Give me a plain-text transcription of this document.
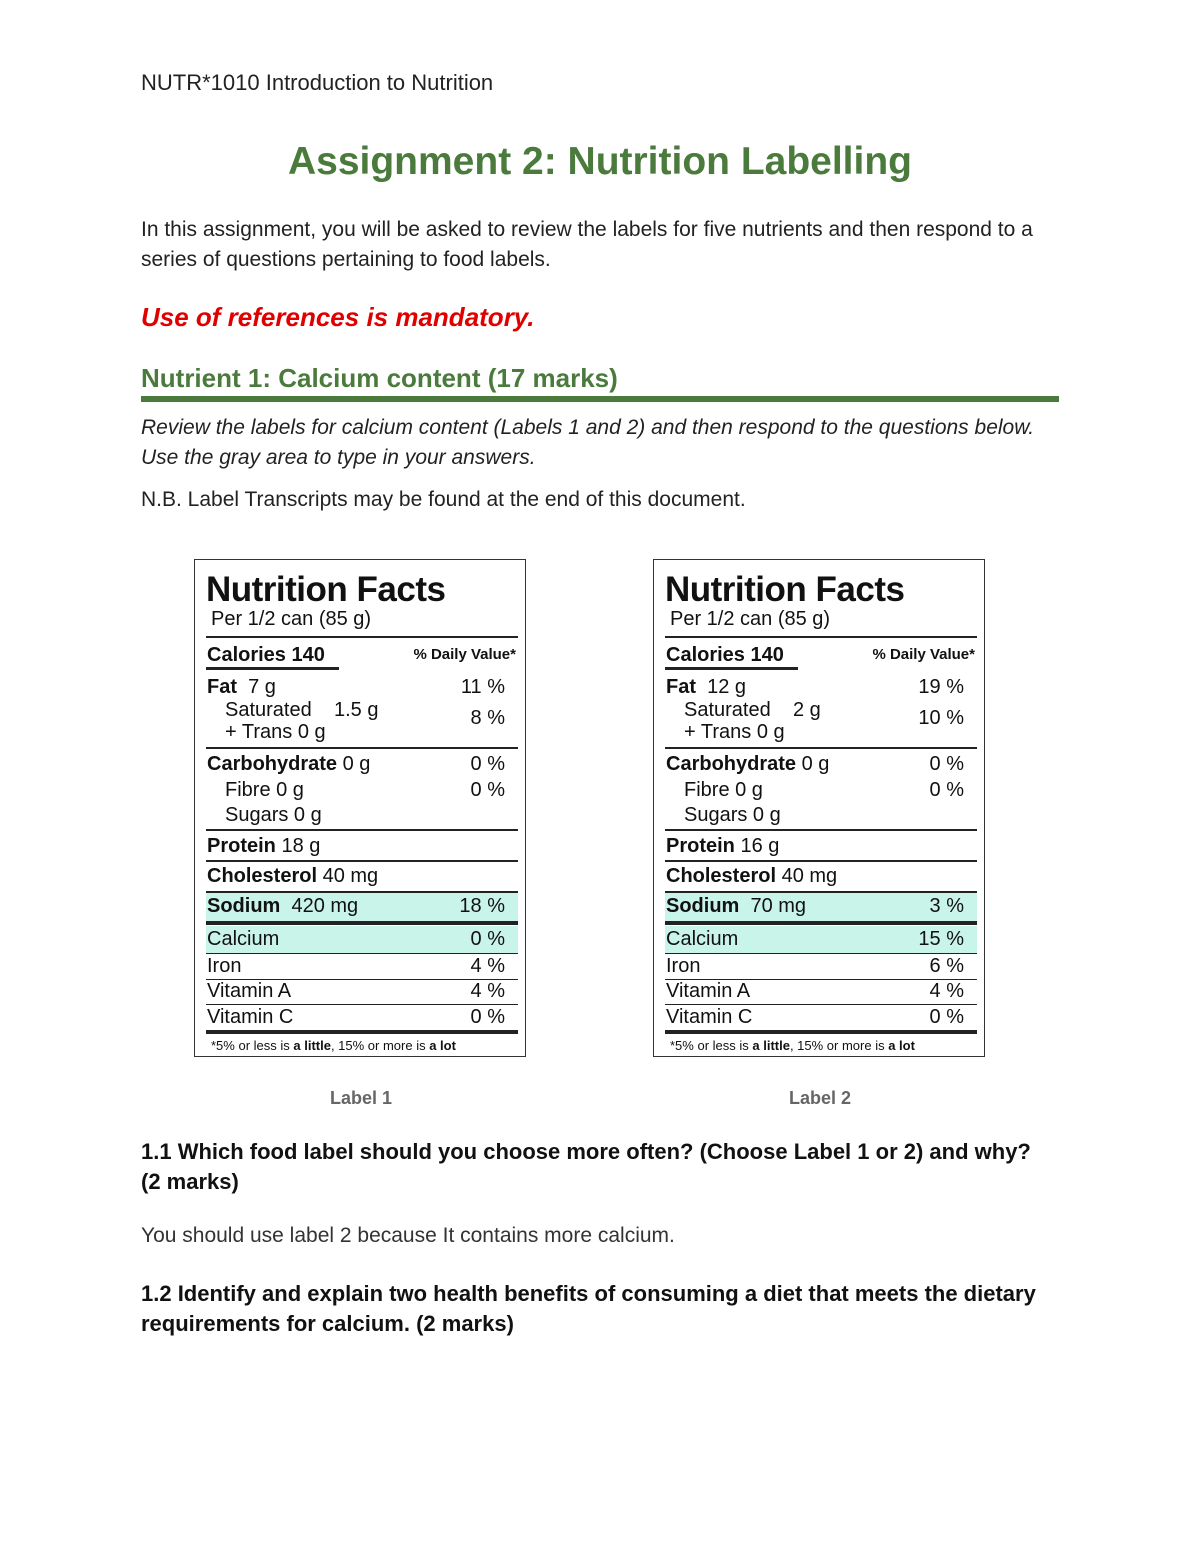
NUTR*1010 Introduction to Nutrition
Assignment 2: Nutrition Labelling
In this assignment, you will be asked to review the labels for five nutrients and then respond to a series of questions pertaining to food labels.
Use of references is mandatory.
Nutrient 1: Calcium content (17 marks)
Review the labels for calcium content (Labels 1 and 2) and then respond to the questions below. Use the gray area to type in your answers.
N.B. Label Transcripts may be found at the end of this document.
Nutrition Facts
Per 1/2 can (85 g)
Calories 140	% Daily Value*
Fat 7 g	11 %
Saturated 1.5 g	8 %
+ Trans 0 g
Carbohydrate 0 g	0 %
Fibre 0 g	0 %
Sugars 0 g
Protein 18 g
Cholesterol 40 mg
Sodium 420 mg	18 %
Calcium	0 %
Iron	4 %
Vitamin A	4 %
Vitamin C	0 %
*5% or less is a little, 15% or more is a lot
Nutrition Facts
Per 1/2 can (85 g)
Calories 140	% Daily Value*
Fat 12 g	19 %
Saturated 2 g	10 %
+ Trans 0 g
Carbohydrate 0 g	0 %
Fibre 0 g	0 %
Sugars 0 g
Protein 16 g
Cholesterol 40 mg
Sodium 70 mg	3 %
Calcium	15 %
Iron	6 %
Vitamin A	4 %
Vitamin C	0 %
*5% or less is a little, 15% or more is a lot
Label 1	Label 2
1.1 Which food label should you choose more often? (Choose Label 1 or 2) and why? (2 marks)
You should use label 2 because It contains more calcium.
1.2 Identify and explain two health benefits of consuming a diet that meets the dietary requirements for calcium. (2 marks)
